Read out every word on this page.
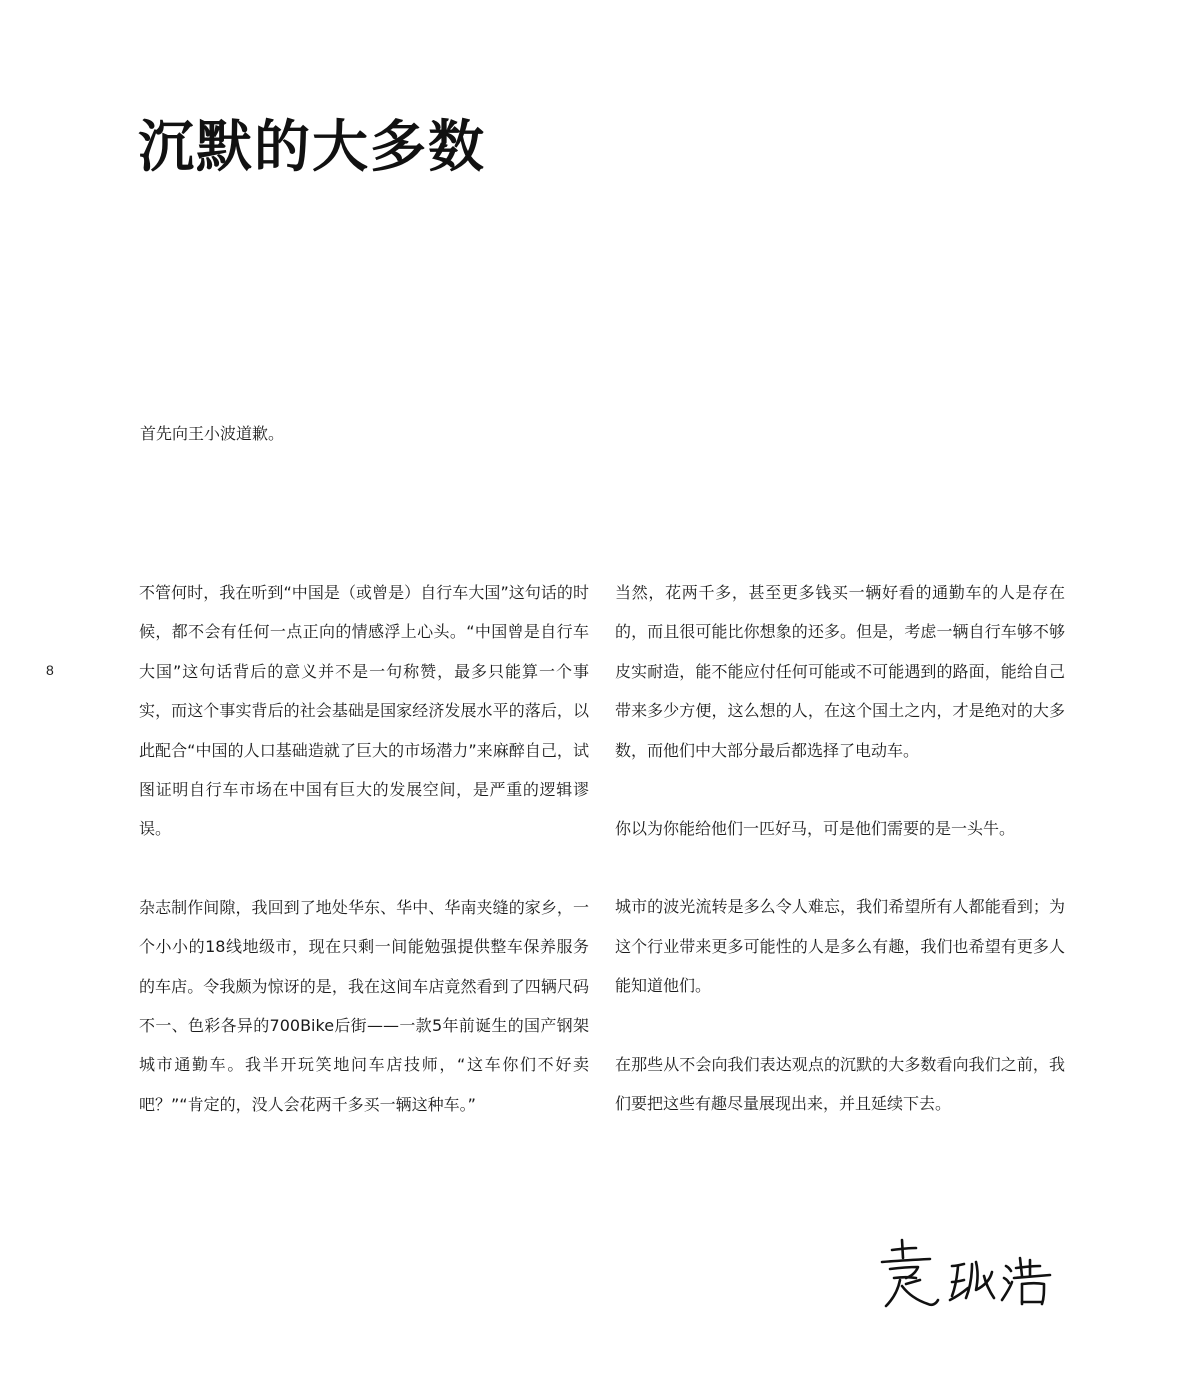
沉默的大多数

首先向王小波道歉。

8

不管何时，我在听到“中国是（或曾是）自行车大国”这句话的时候，都不会有任何一点正向的情感浮上心头。“中国曾是自行车大国”这句话背后的意义并不是一句称赞，最多只能算一个事实，而这个事实背后的社会基础是国家经济发展水平的落后，以此配合“中国的人口基础造就了巨大的市场潜力”来麻醉自己，试图证明自行车市场在中国有巨大的发展空间，是严重的逻辑谬误。

杂志制作间隙，我回到了地处华东、华中、华南夹缝的家乡，一个小小的18线地级市，现在只剩一间能勉强提供整车保养服务的车店。令我颇为惊讶的是，我在这间车店竟然看到了四辆尺码不一、色彩各异的700Bike后街——一款5年前诞生的国产钢架城市通勤车。我半开玩笑地问车店技师，“这车你们不好卖吧？”“肯定的，没人会花两千多买一辆这种车。”

当然，花两千多，甚至更多钱买一辆好看的通勤车的人是存在的，而且很可能比你想象的还多。但是，考虑一辆自行车够不够皮实耐造，能不能应付任何可能或不可能遇到的路面，能给自己带来多少方便，这么想的人，在这个国土之内，才是绝对的大多数，而他们中大部分最后都选择了电动车。

你以为你能给他们一匹好马，可是他们需要的是一头牛。

城市的波光流转是多么令人难忘，我们希望所有人都能看到；为这个行业带来更多可能性的人是多么有趣，我们也希望有更多人能知道他们。

在那些从不会向我们表达观点的沉默的大多数看向我们之前，我们要把这些有趣尽量展现出来，并且延续下去。
